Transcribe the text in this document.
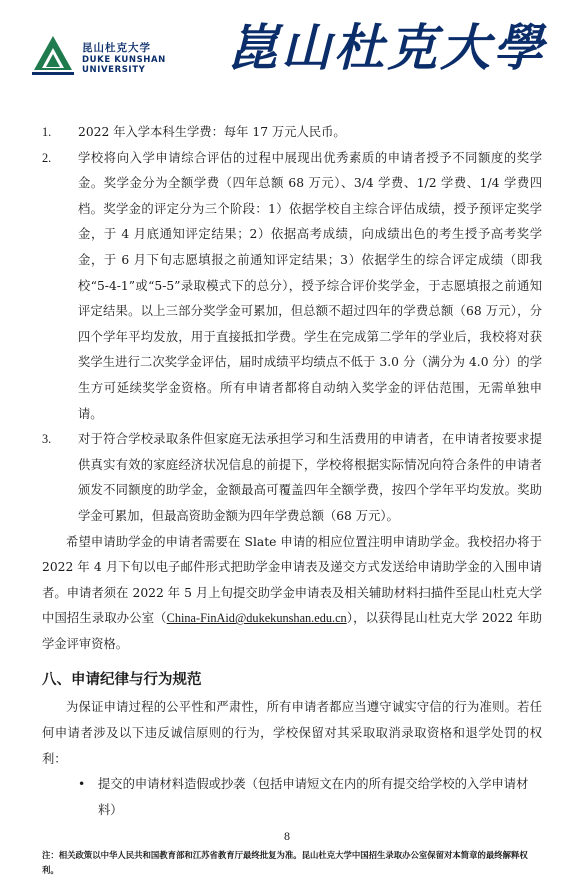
昆山杜克大学
DUKE KUNSHAN
UNIVERSITY	崑山杜克大學
1. 2022 年入学本科生学费：每年 17 万元人民币。
2. 学校将向入学申请综合评估的过程中展现出优秀素质的申请者授予不同额度的奖学金。奖学金分为全额学费（四年总额 68 万元）、3/4 学费、1/2 学费、1/4 学费四档。奖学金的评定分为三个阶段：1）依据学校自主综合评估成绩，授予预评定奖学金，于 4 月底通知评定结果；2）依据高考成绩，向成绩出色的考生授予高考奖学金，于 6 月下旬志愿填报之前通知评定结果；3）依据学生的综合评定成绩（即我校“5-4-1”或“5-5”录取模式下的总分），授予综合评价奖学金，于志愿填报之前通知评定结果。以上三部分奖学金可累加，但总额不超过四年的学费总额（68 万元），分四个学年平均发放，用于直接抵扣学费。学生在完成第二学年的学业后，我校将对获奖学生进行二次奖学金评估，届时成绩平均绩点不低于 3.0 分（满分为 4.0 分）的学生方可延续奖学金资格。所有申请者都将自动纳入奖学金的评估范围，无需单独申请。
3. 对于符合学校录取条件但家庭无法承担学习和生活费用的申请者，在申请者按要求提供真实有效的家庭经济状况信息的前提下，学校将根据实际情况向符合条件的申请者颁发不同额度的助学金，金额最高可覆盖四年全额学费，按四个学年平均发放。奖助学金可累加，但最高资助金额为四年学费总额（68 万元）。
希望申请助学金的申请者需要在 Slate 申请的相应位置注明申请助学金。我校招办将于 2022 年 4 月下旬以电子邮件形式把助学金申请表及递交方式发送给申请助学金的入围申请者。申请者须在 2022 年 5 月上旬提交助学金申请表及相关辅助材料扫描件至昆山杜克大学中国招生录取办公室（China-FinAid@dukekunshan.edu.cn），以获得昆山杜克大学 2022 年助学金评审资格。
八、申请纪律与行为规范
为保证申请过程的公平性和严肃性，所有申请者都应当遵守诚实守信的行为准则。若任何申请者涉及以下违反诚信原则的行为，学校保留对其采取取消录取资格和退学处罚的权利：
• 提交的申请材料造假或抄袭（包括申请短文在内的所有提交给学校的入学申请材料）
8
注：相关政策以中华人民共和国教育部和江苏省教育厅最终批复为准。昆山杜克大学中国招生录取办公室保留对本简章的最终解释权利。
